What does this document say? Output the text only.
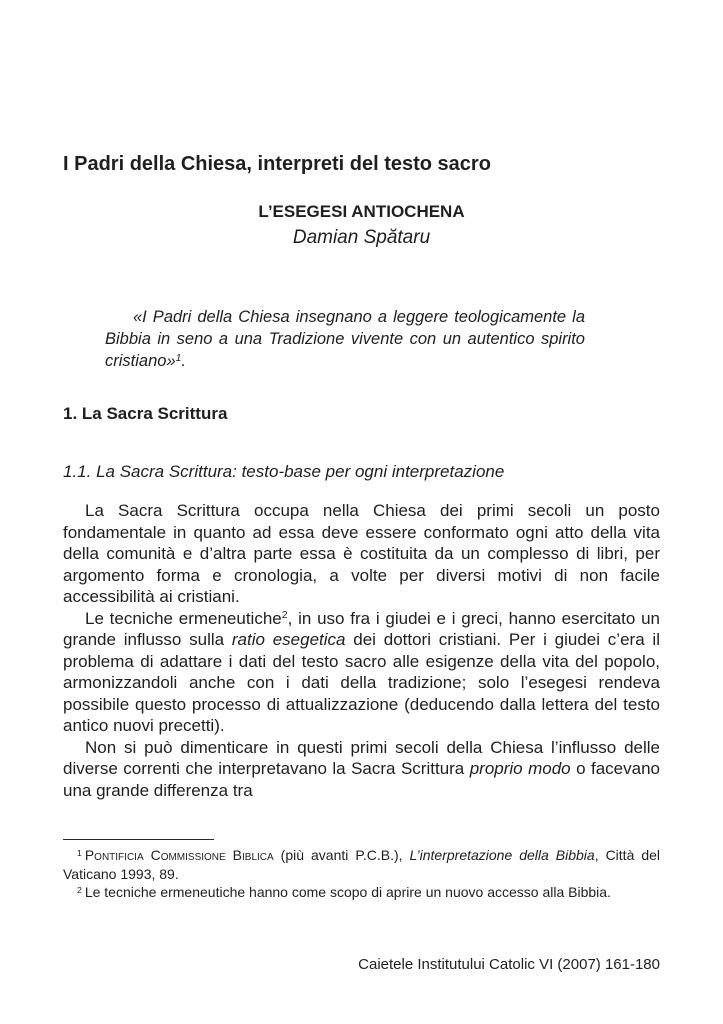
I Padri della Chiesa, interpreti del testo sacro
L’ESEGESI ANTIOCHENA
Damian Spătaru
«I Padri della Chiesa insegnano a leggere teologicamente la Bibbia in seno a una Tradizione vivente con un autentico spirito cristiano»$^1$.
1. La Sacra Scrittura
1.1. La Sacra Scrittura: testo-base per ogni interpretazione

La Sacra Scrittura occupa nella Chiesa dei primi secoli un posto fondamentale in quanto ad essa deve essere conformato ogni atto della vita della comunità e d’altra parte essa è costituita da un complesso di libri, per argomento forma e cronologia, a volte per diversi motivi di non facile accessibilità ai cristiani.

Le tecniche ermeneutiche$^2$, in uso fra i giudei e i greci, hanno esercitato un grande influsso sulla ratio esegetica dei dottori cristiani. Per i giudei c’era il problema di adattare i dati del testo sacro alle esigenze della vita del popolo, armonizzandoli anche con i dati della tradizione; solo l’esegesi rendeva possibile questo processo di attualizzazione (deducendo dalla lettera del testo antico nuovi precetti).

Non si può dimenticare in questi primi secoli della Chiesa l’influsso delle diverse correnti che interpretavano la Sacra Scrittura proprio modo o facevano una grande differenza tra

$^1$ Pontificia Commissione Biblica (più avanti P.C.B.), L’interpretazione della Bibbia, Città del Vaticano 1993, 89.

$^2$ Le tecniche ermeneutiche hanno come scopo di aprire un nuovo accesso alla Bibbia.

Caietele Institutului Catolic VI (2007) 161-180
